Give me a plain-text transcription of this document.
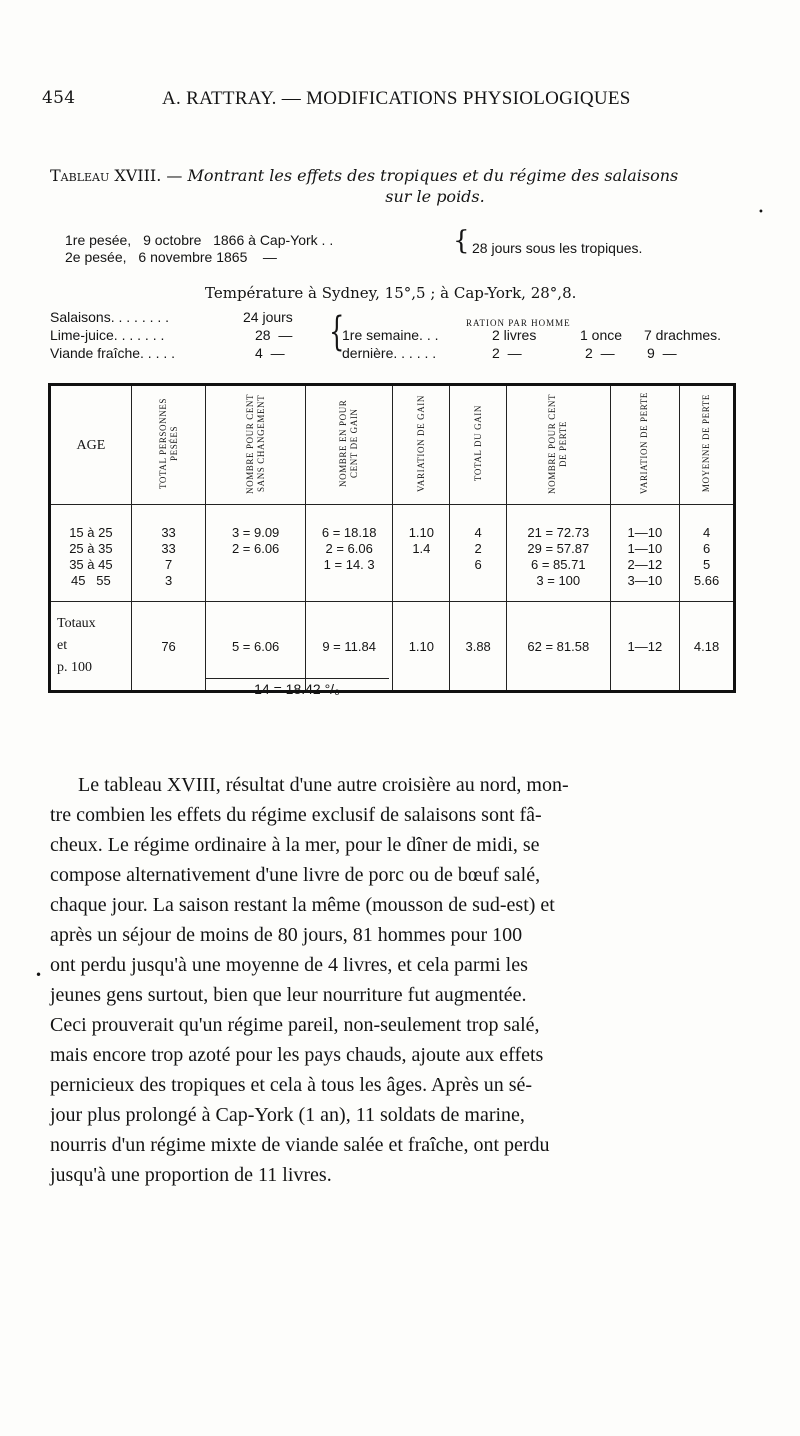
454	A. RATTRAY. — MODIFICATIONS PHYSIOLOGIQUES
Tableau XVIII. — Montrant les effets des tropiques et du régime des salaisons
sur le poids.
•
1re pesée, 9 octobre   1866 à Cap-York . .
2e pesée, 6 novembre 1865    —
{ 28 jours sous les tropiques.
Température à Sydney, 15°,5 ; à Cap-York, 28°,8.
RATION PAR HOMME
Salaisons. . . . . . . .	24 jours
Lime-juice. . . . . . .	28  —
Viande fraîche. . . . .	4  — {
1re semaine. . .	2 livres	1 once 7 drachmes.
dernière. . . . . .	2  —	2  — 9  —
AGE	TOTAL PERSONNES PESÉES	NOMBRE POUR CENT SANS CHANGEMENT	NOMBRE EN POUR CENT DE GAIN	VARIATION DE GAIN	TOTAL DU GAIN	NOMBRE POUR CENT DE PERTE	VARIATION DE PERTE	MOYENNE DE PERTE

15 à 25	33	3 = 9.09	6 = 18.18	1.10	4	21 = 72.73	1—10	4
25 à 35	33	2 = 6.06	2 = 6.06	1.4	2	29 = 57.87	1—10	6
35 à 45	7		1 = 14. 3		6	6 = 85.71	2—12	5
45   55	3					3 = 100	3—10	5.66

Totaux
et
p. 100	76	5 = 6.06	9 = 11.84	1.10	3.88	62 = 81.58	1—12	4.18
14 = 18.42 °/₀
Le tableau XVIII, résultat d'une autre croisière au nord, mon-
tre combien les effets du régime exclusif de salaisons sont fâ-
cheux. Le régime ordinaire à la mer, pour le dîner de midi, se
compose alternativement d'une livre de porc ou de bœuf salé,
chaque jour. La saison restant la même (mousson de sud-est) et
après un séjour de moins de 80 jours, 81 hommes pour 100
ont perdu jusqu'à une moyenne de 4 livres, et cela parmi les
jeunes gens surtout, bien que leur nourriture fut augmentée.
Ceci prouverait qu'un régime pareil, non-seulement trop salé,
mais encore trop azoté pour les pays chauds, ajoute aux effets
pernicieux des tropiques et cela à tous les âges. Après un sé-
jour plus prolongé à Cap-York (1 an), 11 soldats de marine,
nourris d'un régime mixte de viande salée et fraîche, ont perdu
jusqu'à une proportion de 11 livres.
•
